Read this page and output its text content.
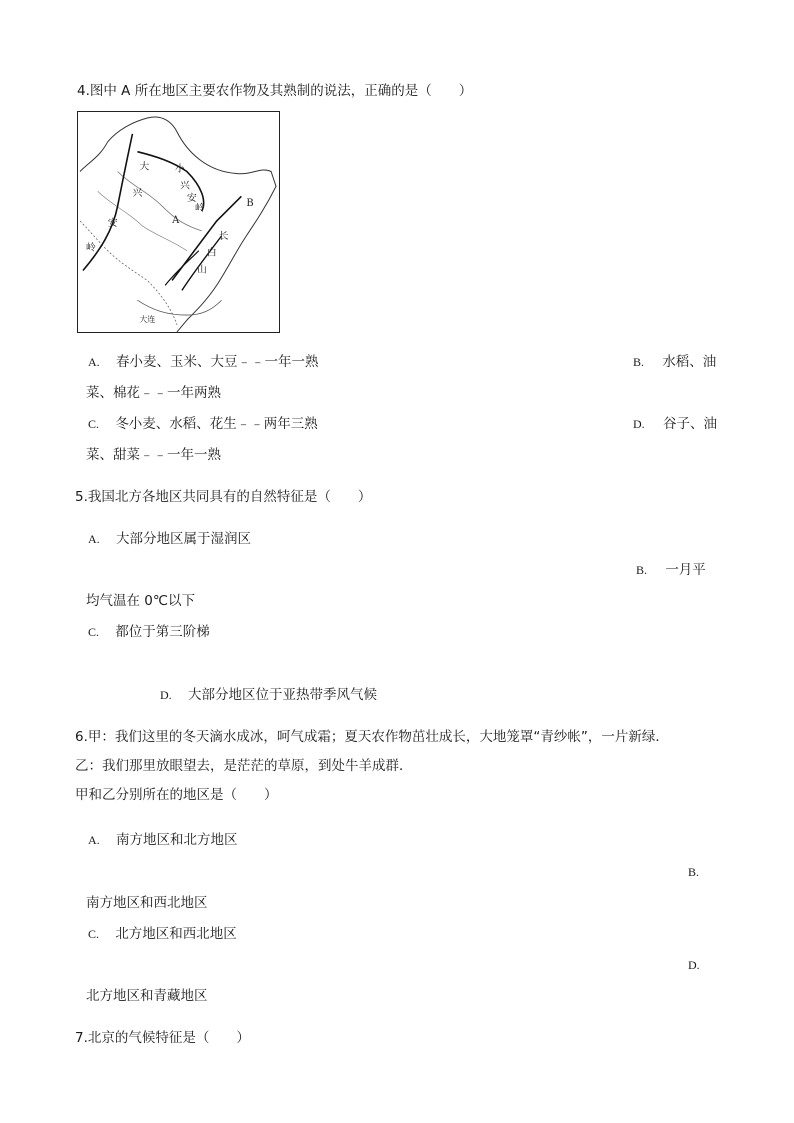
4.图中 A 所在地区主要农作物及其熟制的说法，正确的是（　　）
大	小
兴
安
岭
兴
安
岭
长
白
山
A
B
大连
A. 春小麦、玉米、大豆﹣﹣一年一熟	B. 水稻、油
菜、棉花﹣﹣一年两熟
C. 冬小麦、水稻、花生﹣﹣两年三熟	D. 谷子、油
菜、甜菜﹣﹣一年一熟
5.我国北方各地区共同具有的自然特征是（　　）
A. 大部分地区属于湿润区
B. 一月平
均气温在 0℃以下
C. 都位于第三阶梯
D. 大部分地区位于亚热带季风气候
6.甲：我们这里的冬天滴水成冰，呵气成霜；夏天农作物茁壮成长，大地笼罩“青纱帐”，一片新绿．
乙：我们那里放眼望去，是茫茫的草原，到处牛羊成群．
甲和乙分别所在的地区是（　　）
A. 南方地区和北方地区
B.
南方地区和西北地区
C. 北方地区和西北地区
D.
北方地区和青藏地区
7.北京的气候特征是（　　）
